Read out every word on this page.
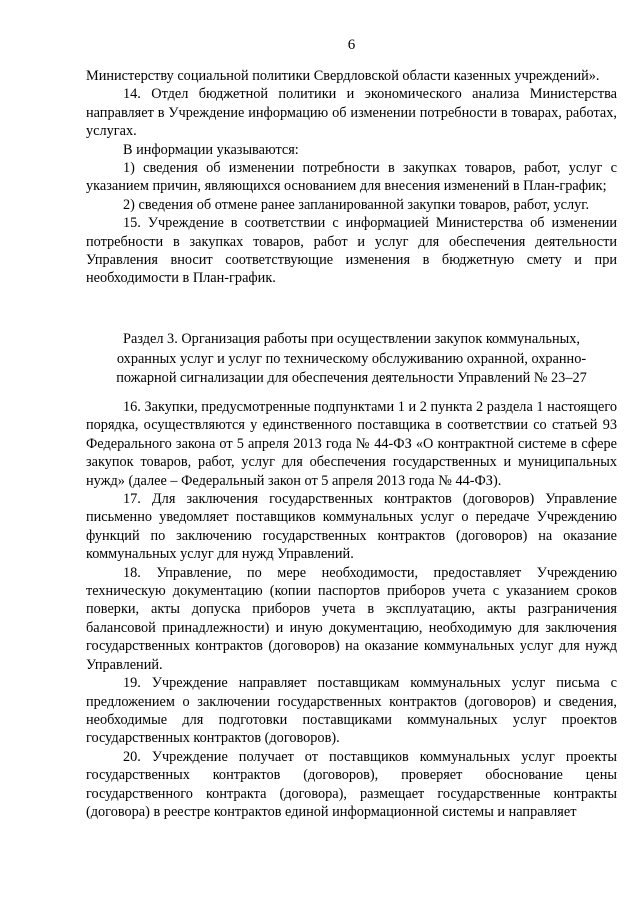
6

Министерству социальной политики Свердловской области казенных учреждений».

14. Отдел бюджетной политики и экономического анализа Министерства направляет в Учреждение информацию об изменении потребности в товарах, работах, услугах.

В информации указываются:

1) сведения об изменении потребности в закупках товаров, работ, услуг с указанием причин, являющихся основанием для внесения изменений в План-график;

2) сведения об отмене ранее запланированной закупки товаров, работ, услуг.

15. Учреждение в соответствии с информацией Министерства об изменении потребности в закупках товаров, работ и услуг для обеспечения деятельности Управления вносит соответствующие изменения в бюджетную смету и при необходимости в План-график.

Раздел 3. Организация работы при осуществлении закупок коммунальных,

охранных услуг и услуг по техническому обслуживанию охранной, охранно-

пожарной сигнализации для обеспечения деятельности Управлений № 23–27

16. Закупки, предусмотренные подпунктами 1 и 2 пункта 2 раздела 1 настоящего порядка, осуществляются у единственного поставщика в соответствии со статьей 93 Федерального закона от 5 апреля 2013 года № 44-ФЗ «О контрактной системе в сфере закупок товаров, работ, услуг для обеспечения государственных и муниципальных нужд» (далее – Федеральный закон от 5 апреля 2013 года № 44-ФЗ).

17. Для заключения государственных контрактов (договоров) Управление письменно уведомляет поставщиков коммунальных услуг о передаче Учреждению функций по заключению государственных контрактов (договоров) на оказание коммунальных услуг для нужд Управлений.

18. Управление, по мере необходимости, предоставляет Учреждению техническую документацию (копии паспортов приборов учета с указанием сроков поверки, акты допуска приборов учета в эксплуатацию, акты разграничения балансовой принадлежности) и иную документацию, необходимую для заключения государственных контрактов (договоров) на оказание коммунальных услуг для нужд Управлений.

19. Учреждение направляет поставщикам коммунальных услуг письма с предложением о заключении государственных контрактов (договоров) и сведения, необходимые для подготовки поставщиками коммунальных услуг проектов государственных контрактов (договоров).

20. Учреждение получает от поставщиков коммунальных услуг проекты государственных контрактов (договоров), проверяет обоснование цены государственного контракта (договора), размещает государственные контракты (договора) в реестре контрактов единой информационной системы и направляет
